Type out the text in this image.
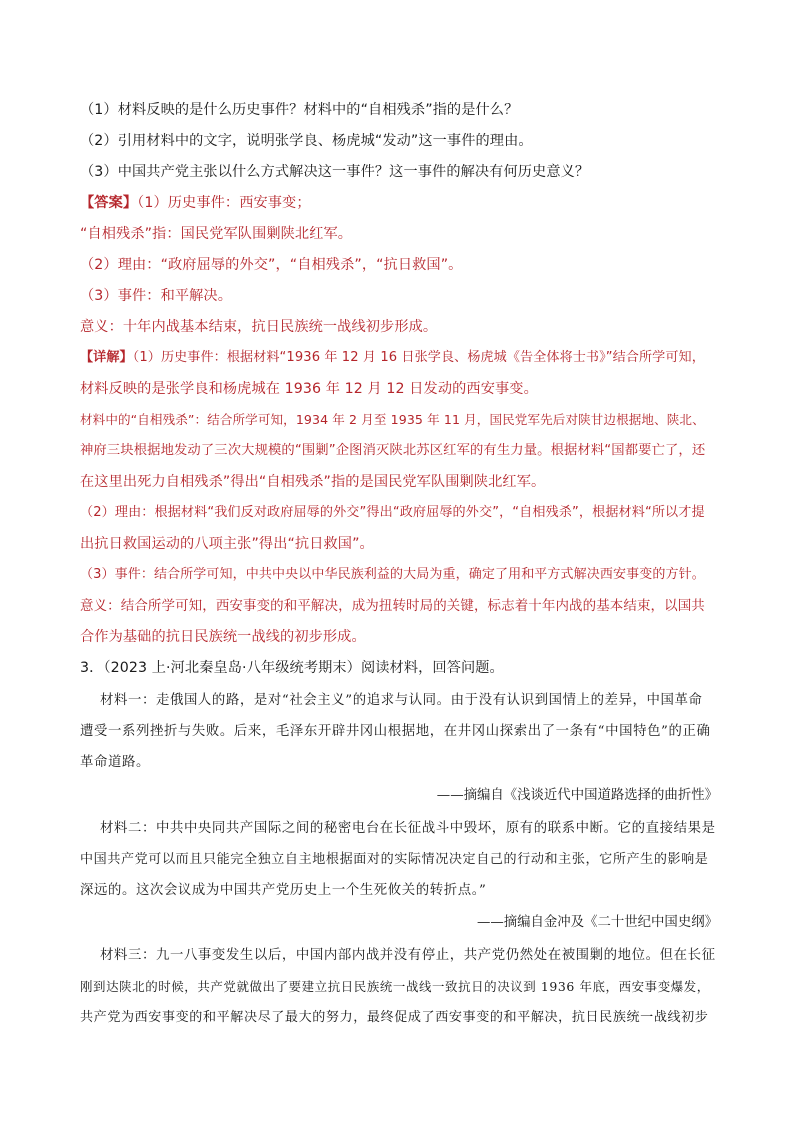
（1）材料反映的是什么历史事件？材料中的“自相残杀”指的是什么？
（2）引用材料中的文字，说明张学良、杨虎城“发动”这一事件的理由。
（3）中国共产党主张以什么方式解决这一事件？这一事件的解决有何历史意义？
【答案】（1）历史事件：西安事变；
“自相残杀”指：国民党军队围剿陕北红军。
（2）理由：“政府屈辱的外交”，“自相残杀”，“抗日救国”。
（3）事件：和平解决。
意义：十年内战基本结束，抗日民族统一战线初步形成。
【详解】（1）历史事件：根据材料“1936 年 12 月 16 日张学良、杨虎城《告全体将士书》”结合所学可知，
材料反映的是张学良和杨虎城在 1936 年 12 月 12 日发动的西安事变。
材料中的“自相残杀”：结合所学可知，1934 年 2 月至 1935 年 11 月，国民党军先后对陕甘边根据地、陕北、
神府三块根据地发动了三次大规模的“围剿”企图消灭陕北苏区红军的有生力量。根据材料“国都要亡了，还
在这里出死力自相残杀”得出“自相残杀”指的是国民党军队围剿陕北红军。
（2）理由：根据材料“我们反对政府屈辱的外交”得出“政府屈辱的外交”，“自相残杀”，根据材料“所以才提
出抗日救国运动的八项主张”得出“抗日救国”。
（3）事件：结合所学可知，中共中央以中华民族利益的大局为重，确定了用和平方式解决西安事变的方针。
意义：结合所学可知，西安事变的和平解决，成为扭转时局的关键，标志着十年内战的基本结束，以国共
合作为基础的抗日民族统一战线的初步形成。
3．（2023 上·河北秦皇岛·八年级统考期末）阅读材料，回答问题。
材料一：走俄国人的路，是对“社会主义”的追求与认同。由于没有认识到国情上的差异，中国革命
遭受一系列挫折与失败。后来，毛泽东开辟井冈山根据地，在井冈山探索出了一条有“中国特色”的正确
革命道路。
——摘编自《浅谈近代中国道路选择的曲折性》
材料二：中共中央同共产国际之间的秘密电台在长征战斗中毁坏，原有的联系中断。它的直接结果是
中国共产党可以而且只能完全独立自主地根据面对的实际情况决定自己的行动和主张，它所产生的影响是
深远的。这次会议成为中国共产党历史上一个生死攸关的转折点。”
——摘编自金冲及《二十世纪中国史纲》
材料三：九一八事变发生以后，中国内部内战并没有停止，共产党仍然处在被围剿的地位。但在长征
刚到达陕北的时候，共产党就做出了要建立抗日民族统一战线一致抗日的决议到 1936 年底，西安事变爆发，
共产党为西安事变的和平解决尽了最大的努力，最终促成了西安事变的和平解决，抗日民族统一战线初步
